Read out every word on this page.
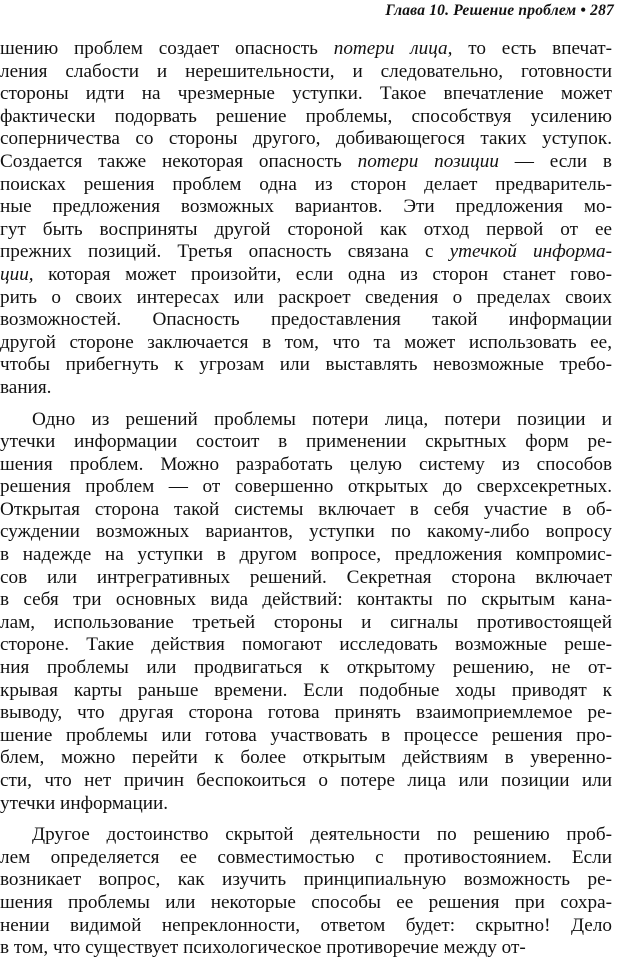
Глава 10. Решение проблем • 287
шению проблем создает опасность потери лица, то есть впечат-
ления слабости и нерешительности, и следовательно, готовности
стороны идти на чрезмерные уступки. Такое впечатление может
фактически подорвать решение проблемы, способствуя усилению
соперничества со стороны другого, добивающегося таких уступок.
Создается также некоторая опасность потери позиции — если в
поисках решения проблем одна из сторон делает предваритель-
ные предложения возможных вариантов. Эти предложения мо-
гут быть восприняты другой стороной как отход первой от ее
прежних позиций. Третья опасность связана с утечкой информа-
ции, которая может произойти, если одна из сторон станет гово-
рить о своих интересах или раскроет сведения о пределах своих
возможностей. Опасность предоставления такой информации
другой стороне заключается в том, что та может использовать ее,
чтобы прибегнуть к угрозам или выставлять невозможные требо-
вания.
Одно из решений проблемы потери лица, потери позиции и
утечки информации состоит в применении скрытных форм ре-
шения проблем. Можно разработать целую систему из способов
решения проблем — от совершенно открытых до сверхсекретных.
Открытая сторона такой системы включает в себя участие в об-
суждении возможных вариантов, уступки по какому-либо вопросу
в надежде на уступки в другом вопросе, предложения компромис-
сов или интрегративных решений. Секретная сторона включает
в себя три основных вида действий: контакты по скрытым кана-
лам, использование третьей стороны и сигналы противостоящей
стороне. Такие действия помогают исследовать возможные реше-
ния проблемы или продвигаться к открытому решению, не от-
крывая карты раньше времени. Если подобные ходы приводят к
выводу, что другая сторона готова принять взаимоприемлемое ре-
шение проблемы или готова участвовать в процессе решения про-
блем, можно перейти к более открытым действиям в уверенно-
сти, что нет причин беспокоиться о потере лица или позиции или
утечки информации.
Другое достоинство скрытой деятельности по решению проб-
лем определяется ее совместимостью с противостоянием. Если
возникает вопрос, как изучить принципиальную возможность ре-
шения проблемы или некоторые способы ее решения при сохра-
нении видимой непреклонности, ответом будет: скрытно! Дело
в том, что существует психологическое противоречие между от-
